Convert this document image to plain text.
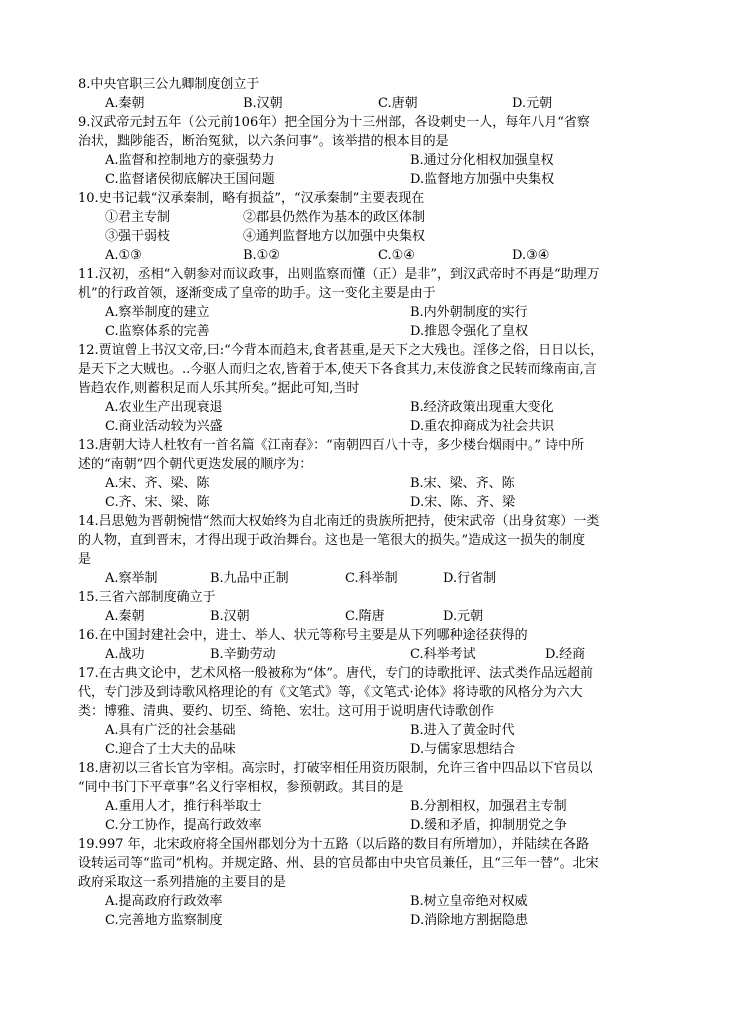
8.中央官职三公九卿制度创立于
A.秦朝	B.汉朝	C.唐朝	D.元朝
9.汉武帝元封五年（公元前106年）把全国分为十三州部，各设刺史一人，每年八月“省察
治状，黜陟能否，断治冤狱，以六条问事”。该举措的根本目的是
A.监督和控制地方的豪强势力	B.通过分化相权加强皇权
C.监督诸侯彻底解决王国问题	D.监督地方加强中央集权
10.史书记载“汉承秦制，略有损益”，“汉承秦制”主要表现在
①君主专制	②郡县仍然作为基本的政区体制
③强干弱枝	④通判监督地方以加强中央集权
A.①③	B.①②	C.①④	D.③④
11.汉初，丞相“入朝参对而议政事，出则监察而懂（正）是非”，到汉武帝时不再是“助理万
机”的行政首领，逐渐变成了皇帝的助手。这一变化主要是由于
A.察举制度的建立	B.内外朝制度的实行
C.监察体系的完善	D.推恩令强化了皇权
12.贾谊曾上书汉文帝,曰:“今背本而趋末,食者甚重,是天下之大残也。淫侈之俗，日日以长，
是天下之大贼也。..今驱人而归之农,皆着于本,使天下各食其力,末伎游食之民转而缘南亩,言
皆趋农作,则蓄积足而人乐其所矣。”据此可知,当时
A.农业生产出现衰退	B.经济政策出现重大变化
C.商业活动较为兴盛	D.重农抑商成为社会共识
13.唐朝大诗人杜牧有一首名篇《江南春》：“南朝四百八十寺，多少楼台烟雨中。” 诗中所
述的“南朝”四个朝代更迭发展的顺序为：
A.宋、齐、梁、陈	B.宋、梁、齐、陈
C.齐、宋、梁、陈	D.宋、陈、齐、梁
14.吕思勉为晋朝惋惜“然而大权始终为自北南迁的贵族所把持，使宋武帝（出身贫寒）一类
的人物，直到晋末，才得出现于政治舞台。这也是一笔很大的损失。”造成这一损失的制度
是
A.察举制	B.九品中正制	C.科举制	D.行省制
15.三省六部制度确立于
A.秦朝	B.汉朝	C.隋唐	D.元朝
16.在中国封建社会中，进士、举人、状元等称号主要是从下列哪种途径获得的
A.战功	B.辛勤劳动	C.科举考试	D.经商
17.在古典文论中，艺术风格一般被称为“体”。唐代，专门的诗歌批评、法式类作品远超前
代，专门涉及到诗歌风格理论的有《文笔式》等，《文笔式·论体》将诗歌的风格分为六大
类：博雅、清典、要约、切至、绮艳、宏壮。这可用于说明唐代诗歌创作
A.具有广泛的社会基础	B.进入了黄金时代
C.迎合了士大夫的品味	D.与儒家思想结合
18.唐初以三省长官为宰相。高宗时，打破宰相任用资历限制，允许三省中四品以下官员以
“同中书门下平章事”名义行宰相权，参预朝政。其目的是
A.重用人才，推行科举取士	B.分割相权，加强君主专制
C.分工协作，提高行政效率	D.缓和矛盾，抑制朋党之争
19.997 年，北宋政府将全国州郡划分为十五路（以后路的数目有所增加），并陆续在各路
设转运司等“监司”机构。并规定路、州、县的官员都由中央官员兼任，且“三年一替”。北宋
政府采取这一系列措施的主要目的是
A.提高政府行政效率	B.树立皇帝绝对权威
C.完善地方监察制度	D.消除地方割据隐患
